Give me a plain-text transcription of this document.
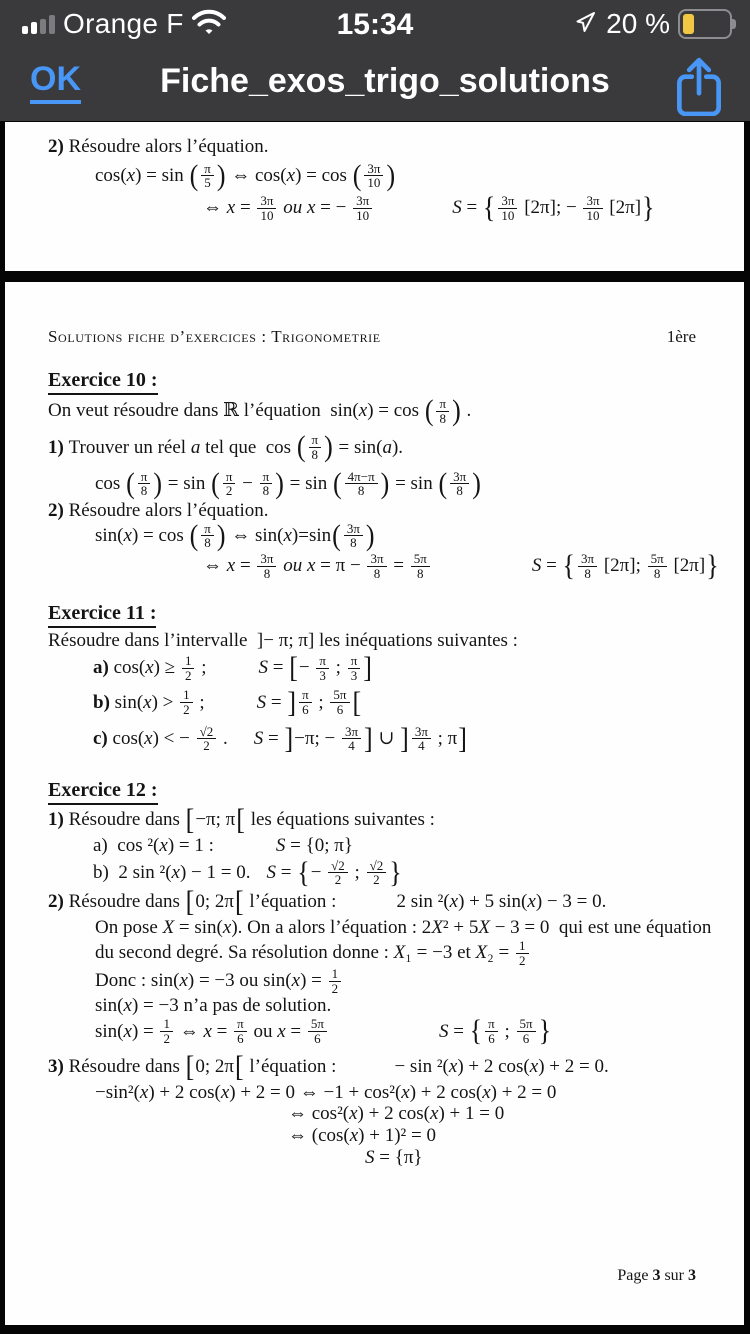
Orange F	15:34	20 %
OK	Fiche_exos_trigo_solutions
2) Résoudre alors l’équation.
cos( x ) = sin ( $\frac{\pi}{5}$ ) ⇔ cos( x ) = cos ( $\frac{3\pi}{10}$ )
⇔ $x = \frac{3\pi}{10}$
ou x = − $\frac{3\pi}{10}$	S = { $\frac{3\pi}{10} [2\pi]$; − $\frac{3\pi}{10} [2\pi]$ }
Solutions fiche d’exercices : Trigonometrie	1ère
Exercice 10 :
On veut résoudre dans ℝ l’équation  sin( x ) = cos ( $\frac{\pi}{8}$ ) .
1) Trouver un réel a tel que  cos ( $\frac{\pi}{8}$ ) = sin( a ).
cos ( $\frac{\pi}{8}$ ) = sin ( $\frac{\pi}{2} - \frac{\pi}{8}$ ) = sin ( $\frac{4\pi-\pi}{8}$ ) = sin ( $\frac{3\pi}{8}$ )
2) Résoudre alors l’équation.
sin( x ) = cos ( $\frac{\pi}{8}$ ) ⇔ sin( x )=sin ( $\frac{3\pi}{8}$ )
⇔ $x = \frac{3\pi}{8}$
ou $x = \pi - \frac{3\pi}{8} = \frac{5\pi}{8}$	S = { $\frac{3\pi}{8} [2\pi]$; $\frac{5\pi}{8} [2\pi]$ }
Exercice 11 :
Résoudre dans l’intervalle  ]− π; π] les inéquations suivantes :
a) cos( x ) ≥ $\frac{1}{2}$ ;	S = [ − $\frac{\pi}{3}$ ; $\frac{\pi}{3}$ ]
b) sin( x ) > $\frac{1}{2}$ ;	S = ] $\frac{\pi}{6}$ ; $\frac{5\pi}{6}$ [
c) cos( x ) < − $\frac{√2}{2}$ . S = ] −π; − $\frac{3\pi}{4}$ ] ∪ ] $\frac{3\pi}{4}$ ; π ]
Exercice 12 :
1) Résoudre dans [ −π; π [ les équations suivantes :
a)  cos ²( x ) = 1 :	S = {0; π}
b)  2 sin ²( x ) − 1 = 0. S = { − $\frac{√2}{2}$ ; $\frac{√2}{2}$ }
2) Résoudre dans [ 0; 2π [ l’équation :	2 sin ²( x ) + 5 sin( x ) − 3 = 0.
On pose X = sin( x ). On a alors l’équation : 2 X ² + 5 X − 3 = 0  qui est une équation
du second degré. Sa résolution donne : X ₁ = −3 et X $_2 = \frac{1}{2}$
Donc : sin( x ) = −3 ou sin( x ) = $\frac{1}{2}$
sin( x ) = −3 n’a pas de solution.
sin( x ) = $\frac{1}{2}$ ⇔ $x = \frac{\pi}{6}$ ou $x = \frac{5\pi}{6}$	S = { $\frac{\pi}{6}$ ; $\frac{5\pi}{6}$ }
3) Résoudre dans [ 0; 2π [ l’équation :	− sin ²( x ) + 2 cos( x ) + 2 = 0.
−sin²( x ) + 2 cos( x ) + 2 = 0 ⇔ −1 + cos²( x ) + 2 cos( x ) + 2 = 0
⇔ cos²( x ) + 2 cos( x ) + 1 = 0
⇔ (cos( x ) + 1)² = 0
S = {π}
Page 3 sur 3
